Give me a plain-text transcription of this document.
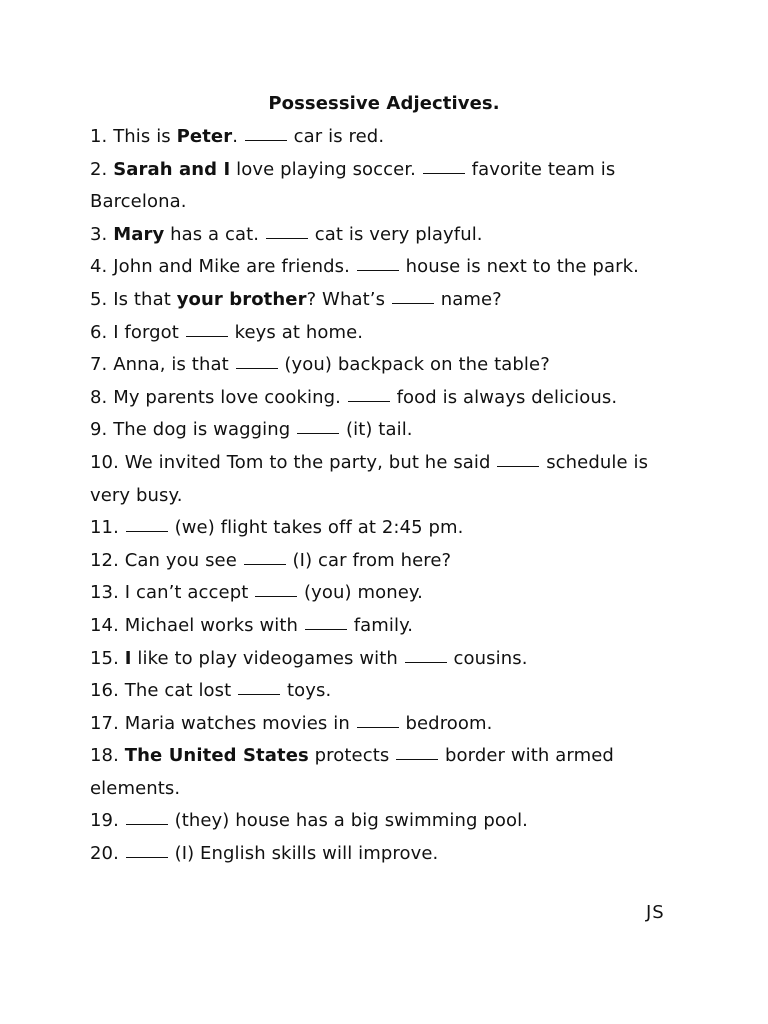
Possessive Adjectives.
1. This is Peter.  car is red.
2. Sarah and I love playing soccer.  favorite team is Barcelona.
3. Mary has a cat.  cat is very playful.
4. John and Mike are friends.  house is next to the park.
5. Is that your brother? What’s  name?
6. I forgot  keys at home.
7. Anna, is that  (you) backpack on the table?
8. My parents love cooking.  food is always delicious.
9. The dog is wagging  (it) tail.
10. We invited Tom to the party, but he said  schedule is very busy.
11.  (we) flight takes off at 2:45 pm.
12. Can you see  (I) car from here?
13. I can’t accept  (you) money.
14. Michael works with  family.
15. I like to play videogames with  cousins.
16. The cat lost  toys.
17. Maria watches movies in  bedroom.
18. The United States protects  border with armed elements.
19.  (they) house has a big swimming pool.
20.  (I) English skills will improve.

JS
